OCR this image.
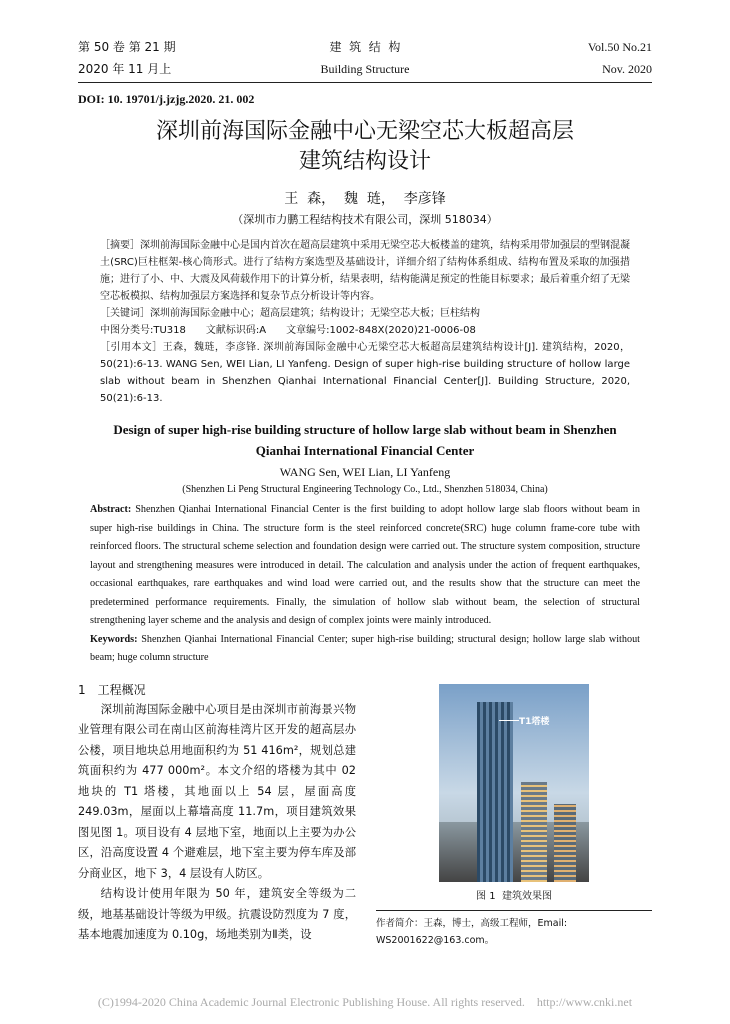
第 50 卷 第 21 期	建  筑  结  构	Vol.50 No.21
2020 年 11 月上	Building Structure	Nov. 2020
DOI: 10. 19701/j.jzjg.2020. 21. 002
深圳前海国际金融中心无梁空芯大板超高层
建筑结构设计
王  森，  魏  琏，  李彦锋
（深圳市力鹏工程结构技术有限公司，深圳 518034）
［摘要］深圳前海国际金融中心是国内首次在超高层建筑中采用无梁空芯大板楼盖的建筑，结构采用带加强层的型钢混凝土(SRC)巨柱框架-核心筒形式。进行了结构方案选型及基础设计，详细介绍了结构体系组成、结构布置及采取的加强措施；进行了小、中、大震及风荷载作用下的计算分析，结果表明，结构能满足预定的性能目标要求；最后着重介绍了无梁空芯板模拟、结构加强层方案选择和复杂节点分析设计等内容。
［关键词］深圳前海国际金融中心；超高层建筑；结构设计；无梁空芯大板；巨柱结构
中图分类号:TU318   文献标识码:A   文章编号:1002-848X(2020)21-0006-08
［引用本文］王森，魏琏，李彦锋. 深圳前海国际金融中心无梁空芯大板超高层建筑结构设计[J]. 建筑结构，2020，50(21):6-13. WANG Sen, WEI Lian, LI Yanfeng. Design of super high-rise building structure of hollow large slab without beam in Shenzhen Qianhai International Financial Center[J]. Building Structure, 2020, 50(21):6-13.
Design of super high-rise building structure of hollow large slab without beam in Shenzhen Qianhai International Financial Center
WANG Sen, WEI Lian, LI Yanfeng
(Shenzhen Li Peng Structural Engineering Technology Co., Ltd., Shenzhen 518034, China)
Abstract: Shenzhen Qianhai International Financial Center is the first building to adopt hollow large slab floors without beam in super high-rise buildings in China. The structure form is the steel reinforced concrete(SRC) huge column frame-core tube with reinforced floors. The structural scheme selection and foundation design were carried out. The structure system composition, structure layout and strengthening measures were introduced in detail. The calculation and analysis under the action of frequent earthquakes, occasional earthquakes, rare earthquakes and wind load were carried out, and the results show that the structure can meet the predetermined performance requirements. Finally, the simulation of hollow slab without beam, the selection of structural strengthening layer scheme and the analysis and design of complex joints were mainly introduced.
Keywords: Shenzhen Qianhai International Financial Center; super high-rise building; structural design; hollow large slab without beam; huge column structure
1  工程概况
深圳前海国际金融中心项目是由深圳市前海景兴物业管理有限公司在南山区前海桂湾片区开发的超高层办公楼，项目地块总用地面积约为 51 416m²，规划总建筑面积约为 477 000m²。本文介绍的塔楼为其中 02 地块的 T1 塔楼，其地面以上 54 层，屋面高度 249.03m，屋面以上幕墙高度 11.7m，项目建筑效果图见图 1。项目设有 4 层地下室，地面以上主要为办公区，沿高度设置 4 个避难层，地下室主要为停车库及部分商业区，地下 3，4 层设有人防区。
结构设计使用年限为 50 年，建筑安全等级为二级，地基基础设计等级为甲级。抗震设防烈度为 7 度，基本地震加速度为 0.10g，场地类别为Ⅱ类，设
T1塔楼
图 1  建筑效果图
作者简介：王森，博士，高级工程师，Email: WS2001622@163.com。
(C)1994-2020 China Academic Journal Electronic Publishing House. All rights reserved.    http://www.cnki.net
